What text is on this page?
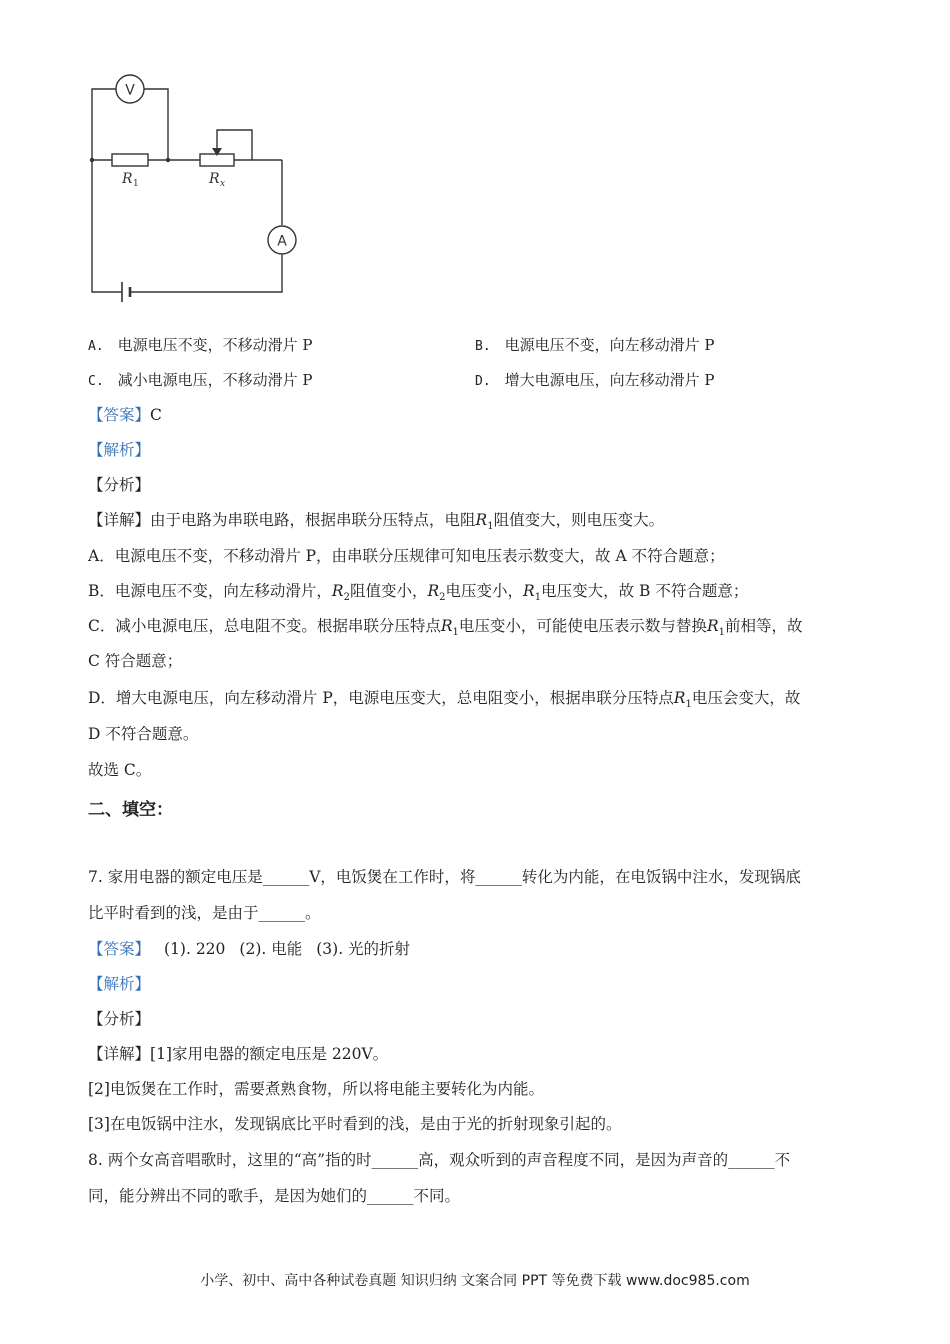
V
A
R 1	R x
A. 电源电压不变，不移动滑片 P	B. 电源电压不变，向左移动滑片 P
C. 减小电源电压，不移动滑片 P	D. 增大电源电压，向左移动滑片 P
【答案】C
【解析】
【分析】
【详解】由于电路为串联电路，根据串联分压特点，电阻$R_1$阻值变大，则电压变大。
A．电源电压不变，不移动滑片 P，由串联分压规律可知电压表示数变大，故 A 不符合题意；
B．电源电压不变，向左移动滑片，$R_2$阻值变小，$R_2$电压变小，$R_1$电压变大，故 B 不符合题意；
C．减小电源电压，总电阻不变。根据串联分压特点$R_1$电压变小，可能使电压表示数与替换$R_1$前相等，故
C 符合题意；
D．增大电源电压，向左移动滑片 P，电源电压变大，总电阻变小，根据串联分压特点$R_1$电压会变大，故
D 不符合题意。
故选 C。
二、填空：
7. 家用电器的额定电压是______V，电饭煲在工作时，将______转化为内能，在电饭锅中注水，发现锅底
比平时看到的浅，是由于______。
【答案】 (1). 220 (2). 电能 (3). 光的折射
【解析】
【分析】
【详解】[1]家用电器的额定电压是 220V。
[2]电饭煲在工作时，需要煮熟食物，所以将电能主要转化为内能。
[3]在电饭锅中注水，发现锅底比平时看到的浅，是由于光的折射现象引起的。
8. 两个女高音唱歌时，这里的“高”指的时______高，观众听到的声音程度不同，是因为声音的______不
同，能分辨出不同的歌手，是因为她们的______不同。
小学、初中、高中各种试卷真题 知识归纳 文案合同 PPT 等免费下载 www.doc985.com
